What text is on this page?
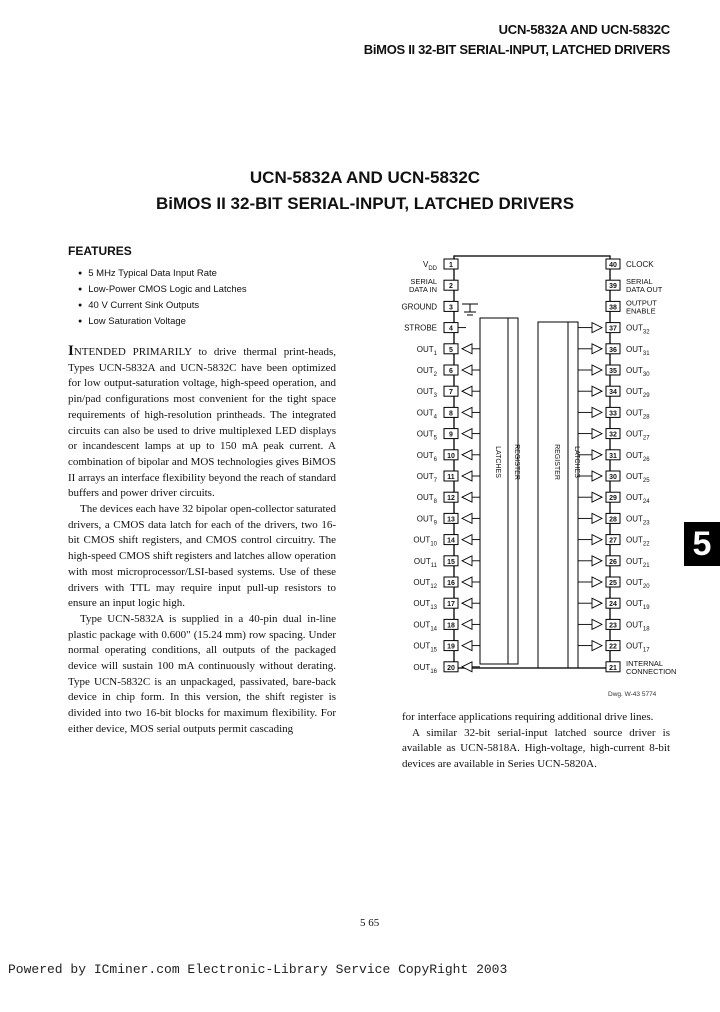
UCN-5832A AND UCN-5832C
BiMOS II 32-BIT SERIAL-INPUT, LATCHED DRIVERS
UCN-5832A AND UCN-5832C
BiMOS II 32-BIT SERIAL-INPUT, LATCHED DRIVERS
FEATURES
● 5 MHz Typical Data Input Rate
● Low-Power CMOS Logic and Latches
● 40 V Current Sink Outputs
● Low Saturation Voltage

INTENDED PRIMARILY to drive thermal print-heads, Types UCN-5832A and UCN-5832C have been optimized for low output-saturation voltage, high-speed operation, and pin/pad configurations most convenient for the tight space requirements of high-resolution printheads. The integrated circuits can also be used to drive multiplexed LED displays or incandescent lamps at up to 150 mA peak current. A combination of bipolar and MOS technologies gives BiMOS II arrays an interface flexibility beyond the reach of standard buffers and power driver circuits.

The devices each have 32 bipolar open-collector saturated drivers, a CMOS data latch for each of the drivers, two 16-bit CMOS shift registers, and CMOS control circuitry. The high-speed CMOS shift registers and latches allow operation with most microprocessor/LSI-based systems. Use of these drivers with TTL may require input pull-up resistors to ensure an input logic high.

Type UCN-5832A is supplied in a 40-pin dual in-line plastic package with 0.600" (15.24 mm) row spacing. Under normal operating conditions, all outputs of the packaged device will sustain 100 mA continuously without derating. Type UCN-5832C is an unpackaged, passivated, bare-back device in chip form. In this version, the shift register is divided into two 16-bit blocks for maximum flexibility. For either device, MOS serial outputs permit cascading

for interface applications requiring additional drive lines.

A similar 32-bit serial-input latched source driver is available as UCN-5818A. High-voltage, high-current 8-bit devices are available in Series UCN-5820A.

LATCHES REGISTER	REGISTER LATCHES
1
$V_{DD}$
2
SERIAL DATA IN
3
GROUND
4
STROBE
5
$OUT_1$
6
$OUT_2$
7
$OUT_3$
8
$OUT_4$
9
$OUT_5$
10
$OUT_6$
11
$OUT_7$
12
$OUT_8$
13
$OUT_9$
14
$OUT_{10}$
15
$OUT_{11}$
16
$OUT_{12}$
17
$OUT_{13}$
18
$OUT_{14}$
19
$OUT_{15}$
20
$OUT_{16}$
40 CLOCK
39
SERIAL DATA OUT
38
OUTPUT ENABLE
37 $OUT_{32}$
36 $OUT_{31}$
35 $OUT_{30}$
34 $OUT_{29}$
33 $OUT_{28}$
32 $OUT_{27}$
31 $OUT_{26}$
30 $OUT_{25}$
29 $OUT_{24}$
28 $OUT_{23}$
27 $OUT_{22}$
26 $OUT_{21}$
25 $OUT_{20}$
24 $OUT_{19}$
23 $OUT_{18}$
22 $OUT_{17}$
21
INTERNAL CONNECTION
Dwg. W-43 5774
5
5 65
Powered by ICminer.com Electronic-Library Service CopyRight 2003
